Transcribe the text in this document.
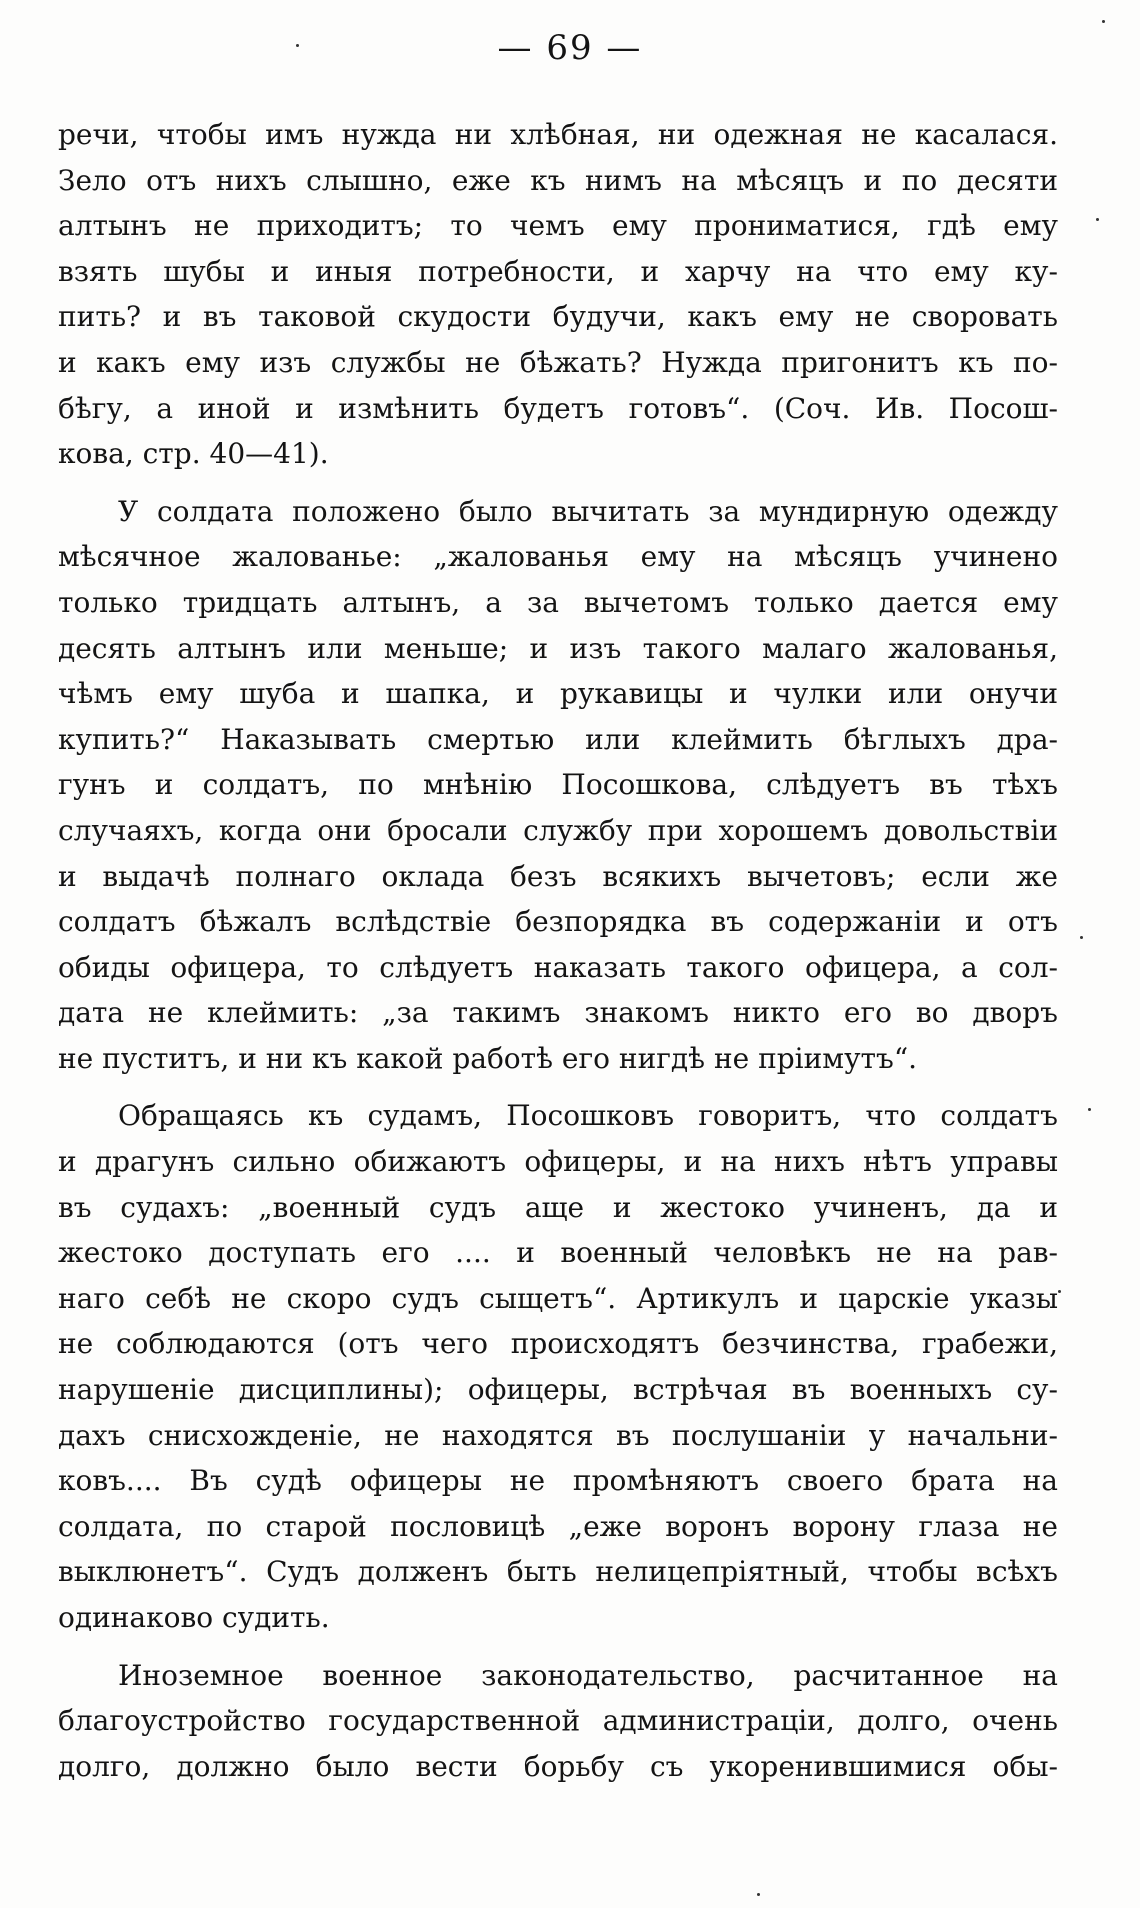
— 69 —
речи, чтобы имъ нужда ни хлѣбная, ни одежная не касалася.
Зело отъ нихъ слышно, еже къ нимъ на мѣсяцъ и по десяти
алтынъ не приходитъ; то чемъ ему прониматися, гдѣ ему
взять шубы и иныя потребности, и харчу на что ему ку-
пить? и въ таковой скудости будучи, какъ ему не своровать
и какъ ему изъ службы не бѣжать? Нужда пригонитъ къ по-
бѣгу, а иной и измѣнить будетъ готовъ“. (Соч. Ив. Посош-
кова, стр. 40—41).
У солдата положено было вычитать за мундирную одежду
мѣсячное жалованье: „жалованья ему на мѣсяцъ учинено
только тридцать алтынъ, а за вычетомъ только дается ему
десять алтынъ или меньше; и изъ такого малаго жалованья,
чѣмъ ему шуба и шапка, и рукавицы и чулки или онучи
купить?“ Наказывать смертью или клеймить бѣглыхъ дра-
гунъ и солдатъ, по мнѣнію Посошкова, слѣдуетъ въ тѣхъ
случаяхъ, когда они бросали службу при хорошемъ довольствіи
и выдачѣ полнаго оклада безъ всякихъ вычетовъ; если же
солдатъ бѣжалъ вслѣдствіе безпорядка въ содержаніи и отъ
обиды офицера, то слѣдуетъ наказать такого офицера, а сол-
дата не клеймить: „за такимъ знакомъ никто его во дворъ
не пуститъ, и ни къ какой работѣ его нигдѣ не пріимутъ“.
Обращаясь къ судамъ, Посошковъ говоритъ, что солдатъ
и драгунъ сильно обижаютъ офицеры, и на нихъ нѣтъ управы
въ судахъ: „военный судъ аще и жестоко учиненъ, да и
жестоко доступать его .... и военный человѣкъ не на рав-
наго себѣ не скоро судъ сыщетъ“. Артикулъ и царскіе указы
не соблюдаются (отъ чего происходятъ безчинства, грабежи,
нарушеніе дисциплины); офицеры, встрѣчая въ военныхъ су-
дахъ снисхожденіе, не находятся въ послушаніи у начальни-
ковъ.... Въ судѣ офицеры не промѣняютъ своего брата на
солдата, по старой пословицѣ „еже воронъ ворону глаза не
выклюнетъ“. Судъ долженъ быть нелицепріятный, чтобы всѣхъ
одинаково судить.
Иноземное военное законодательство, расчитанное на
благоустройство государственной администраціи, долго, очень
долго, должно было вести борьбу съ укоренившимися обы-
